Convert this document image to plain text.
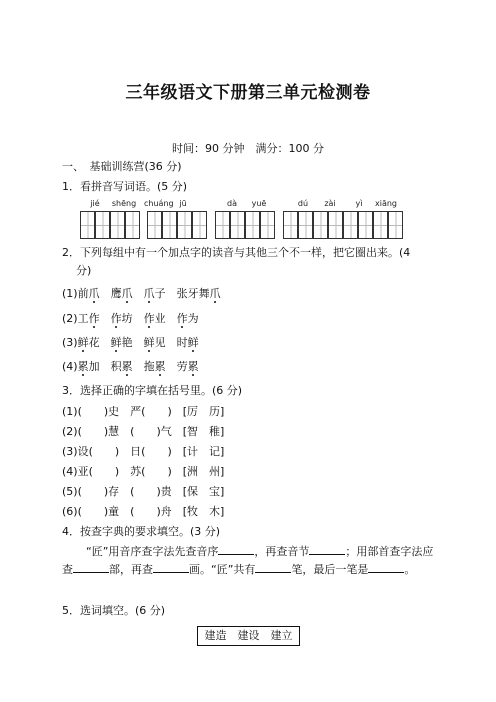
三年级语文下册第三单元检测卷
时间：90 分钟　满分：100 分
一、　基础训练营(36 分)
1．看拼音写词语。(5 分)
jié	shēng chuáng jū	dà	yuē	dú	zài	yì	xiāng
2．下列每组中有一个加点字的读音与其他三个不一样，把它圈出来。(4
分)
(1)前爪　鹰爪　 爪子　张牙舞爪
(2)工作　 作坊　作业　作为
(3)鲜花　鲜艳　鲜见　时鲜
(4)累加　积累　拖累　劳累
3．选择正确的字填在括号里。(6 分)
(1)(　　)史　严(　　)　[厉　历]
(2)(　　)慧　(　　)气　[智　稚]
(3)设(　　)　日(　　)　[计　记]
(4)亚(　　)　苏(　　)　[洲　州]
(5)(　　)存　(　　)贵　[保　宝]
(6)(　　)童　(　　)舟　[牧　木]
4．按查字典的要求填空。(3 分)
“匠”用音序查字法先查音序	，再查音节	；用部首查字法应查	部，再查	画。“匠”共有	笔，最后一笔是	。
5．选词填空。(6 分)
建造　建设　建立
